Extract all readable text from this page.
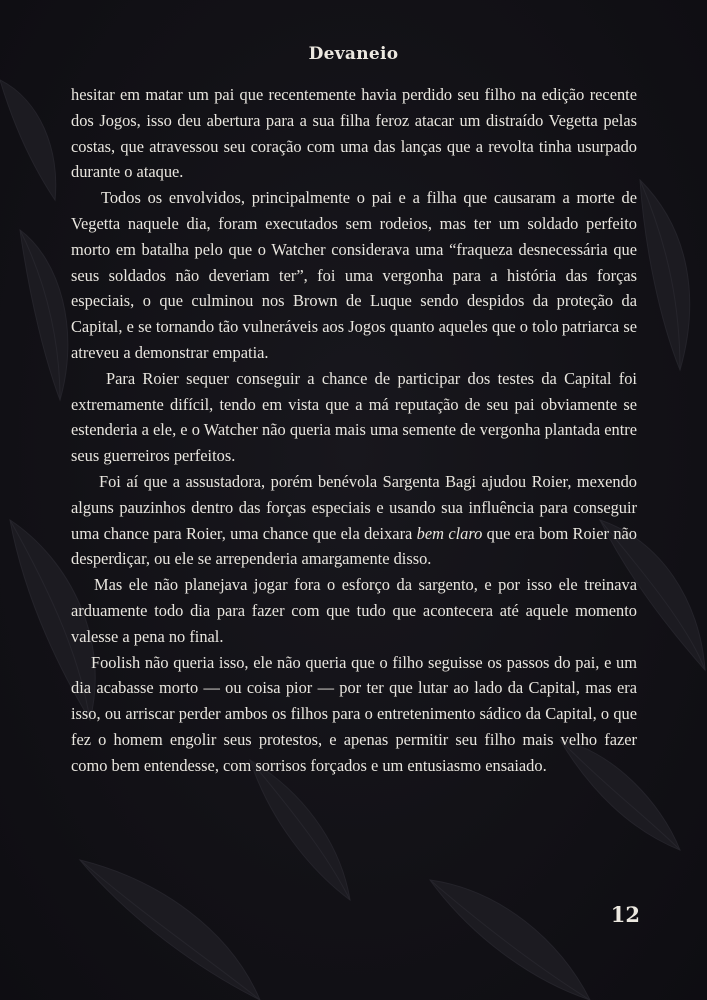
Devaneio

hesitar em matar um pai que recentemente havia perdido seu filho na edição recente dos Jogos, isso deu abertura para a sua filha feroz atacar um distraído Vegetta pelas costas, que atravessou seu coração com uma das lanças que a revolta tinha usurpado durante o ataque.

Todos os envolvidos, principalmente o pai e a filha que causaram a morte de Vegetta naquele dia, foram executados sem rodeios, mas ter um soldado perfeito morto em batalha pelo que o Watcher considerava uma “fraqueza desnecessária que seus soldados não deveriam ter”, foi uma vergonha para a história das forças especiais, o que culminou nos Brown de Luque sendo despidos da proteção da Capital, e se tornando tão vulneráveis aos Jogos quanto aqueles que o tolo patriarca se atreveu a demonstrar empatia.

Para Roier sequer conseguir a chance de participar dos testes da Capital foi extremamente difícil, tendo em vista que a má reputação de seu pai obviamente se estenderia a ele, e o Watcher não queria mais uma semente de vergonha plantada entre seus guerreiros perfeitos.

Foi aí que a assustadora, porém benévola Sargenta Bagi ajudou Roier, mexendo alguns pauzinhos dentro das forças especiais e usando sua influência para conseguir uma chance para Roier, uma chance que ela deixara bem claro que era bom Roier não desperdiçar, ou ele se arrependeria amargamente disso.

Mas ele não planejava jogar fora o esforço da sargento, e por isso ele treinava arduamente todo dia para fazer com que tudo que acontecera até aquele momento valesse a pena no final.

Foolish não queria isso, ele não queria que o filho seguisse os passos do pai, e um dia acabasse morto — ou coisa pior — por ter que lutar ao lado da Capital, mas era isso, ou arriscar perder ambos os filhos para o entretenimento sádico da Capital, o que fez o homem engolir seus protestos, e apenas permitir seu filho mais velho fazer como bem entendesse, com sorrisos forçados e um entusiasmo ensaiado.

12
